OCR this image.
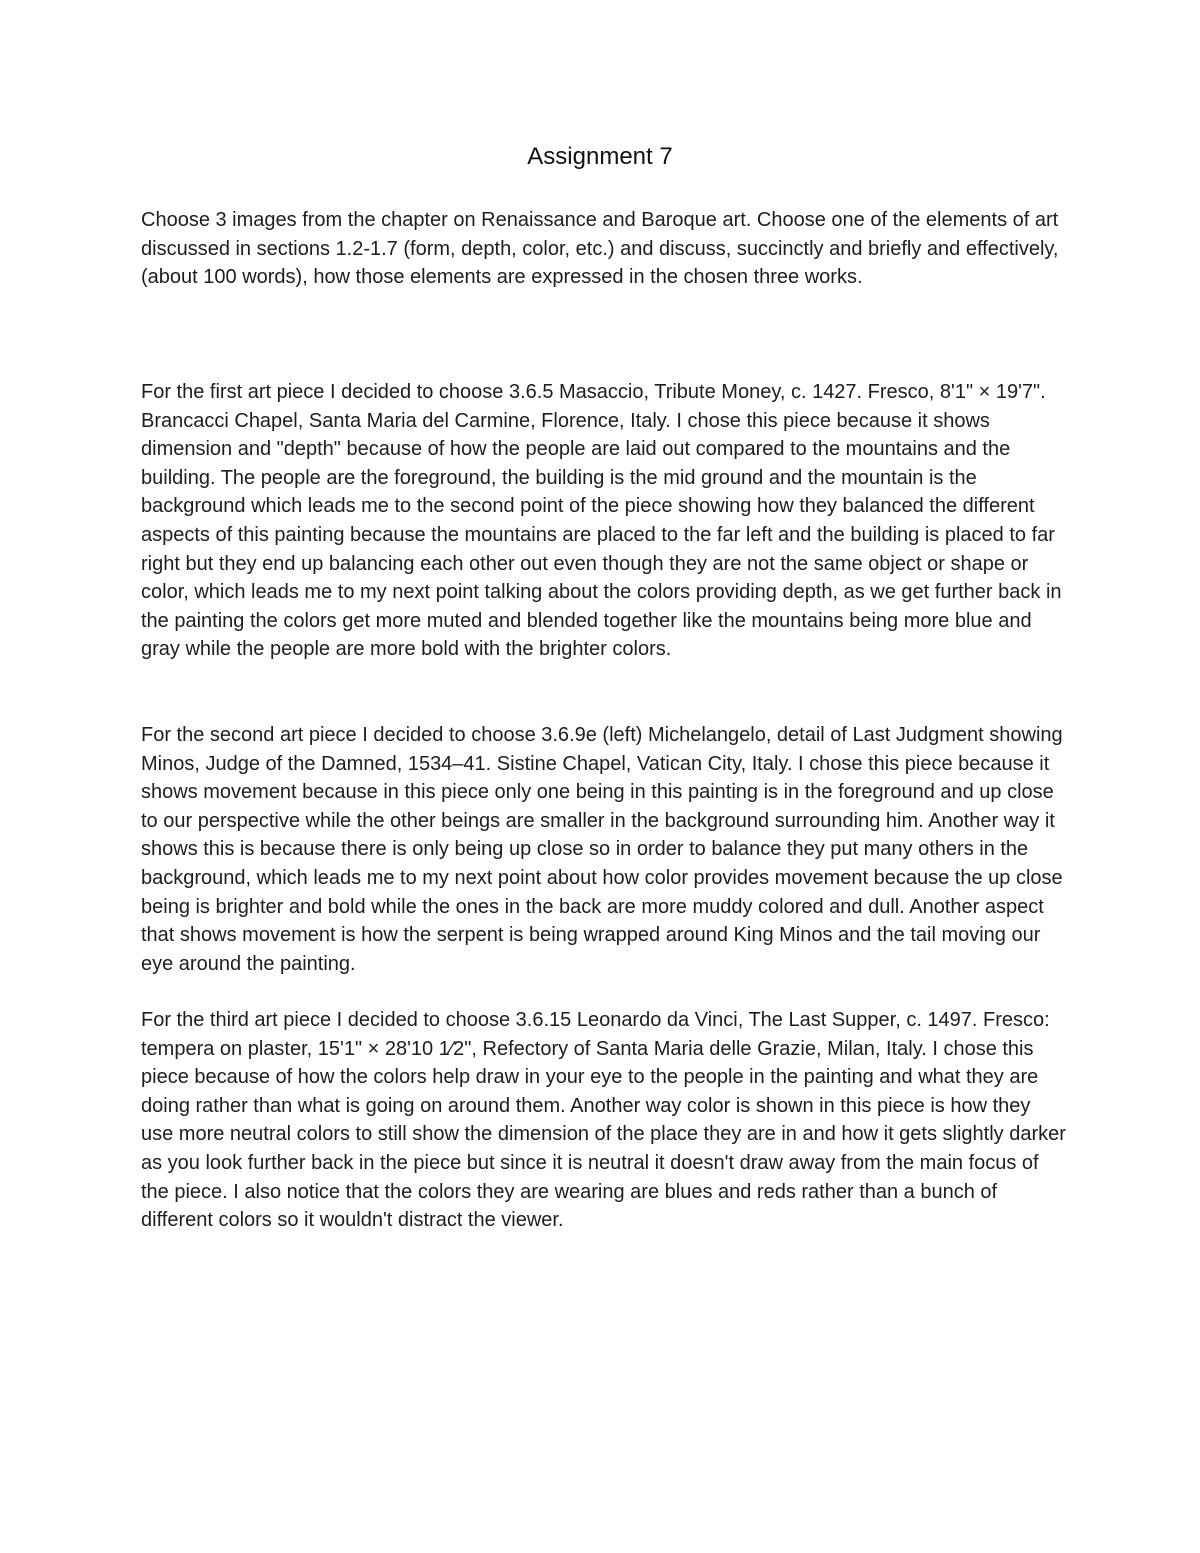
Assignment 7

Choose 3 images from the chapter on Renaissance and Baroque art. Choose one of the elements of art discussed in sections 1.2-1.7 (form, depth, color, etc.) and discuss, succinctly and briefly and effectively, (about 100 words), how those elements are expressed in the chosen three works.

For the first art piece I decided to choose 3.6.5 Masaccio, Tribute Money, c. 1427. Fresco, 8'1" × 19'7". Brancacci Chapel, Santa Maria del Carmine, Florence, Italy. I chose this piece because it shows dimension and "depth" because of how the people are laid out compared to the mountains and the building. The people are the foreground, the building is the mid ground and the mountain is the background which leads me to the second point of the piece showing how they balanced the different aspects of this painting because the mountains are placed to the far left and the building is placed to far right but they end up balancing each other out even though they are not the same object or shape or color, which leads me to my next point talking about the colors providing depth, as we get further back in the painting the colors get more muted and blended together like the mountains being more blue and gray while the people are more bold with the brighter colors.

For the second art piece I decided to choose 3.6.9e (left) Michelangelo, detail of Last Judgment showing Minos, Judge of the Damned, 1534–41. Sistine Chapel, Vatican City, Italy. I chose this piece because it shows movement because in this piece only one being in this painting is in the foreground and up close to our perspective while the other beings are smaller in the background surrounding him. Another way it shows this is because there is only being up close so in order to balance they put many others in the background, which leads me to my next point about how color provides movement because the up close being is brighter and bold while the ones in the back are more muddy colored and dull. Another aspect that shows movement is how the serpent is being wrapped around King Minos and the tail moving our eye around the painting.

For the third art piece I decided to choose 3.6.15 Leonardo da Vinci, The Last Supper, c. 1497. Fresco: tempera on plaster, 15'1" × 28'10 1⁄2", Refectory of Santa Maria delle Grazie, Milan, Italy. I chose this piece because of how the colors help draw in your eye to the people in the painting and what they are doing rather than what is going on around them. Another way color is shown in this piece is how they use more neutral colors to still show the dimension of the place they are in and how it gets slightly darker as you look further back in the piece but since it is neutral it doesn't draw away from the main focus of the piece. I also notice that the colors they are wearing are blues and reds rather than a bunch of different colors so it wouldn't distract the viewer.
